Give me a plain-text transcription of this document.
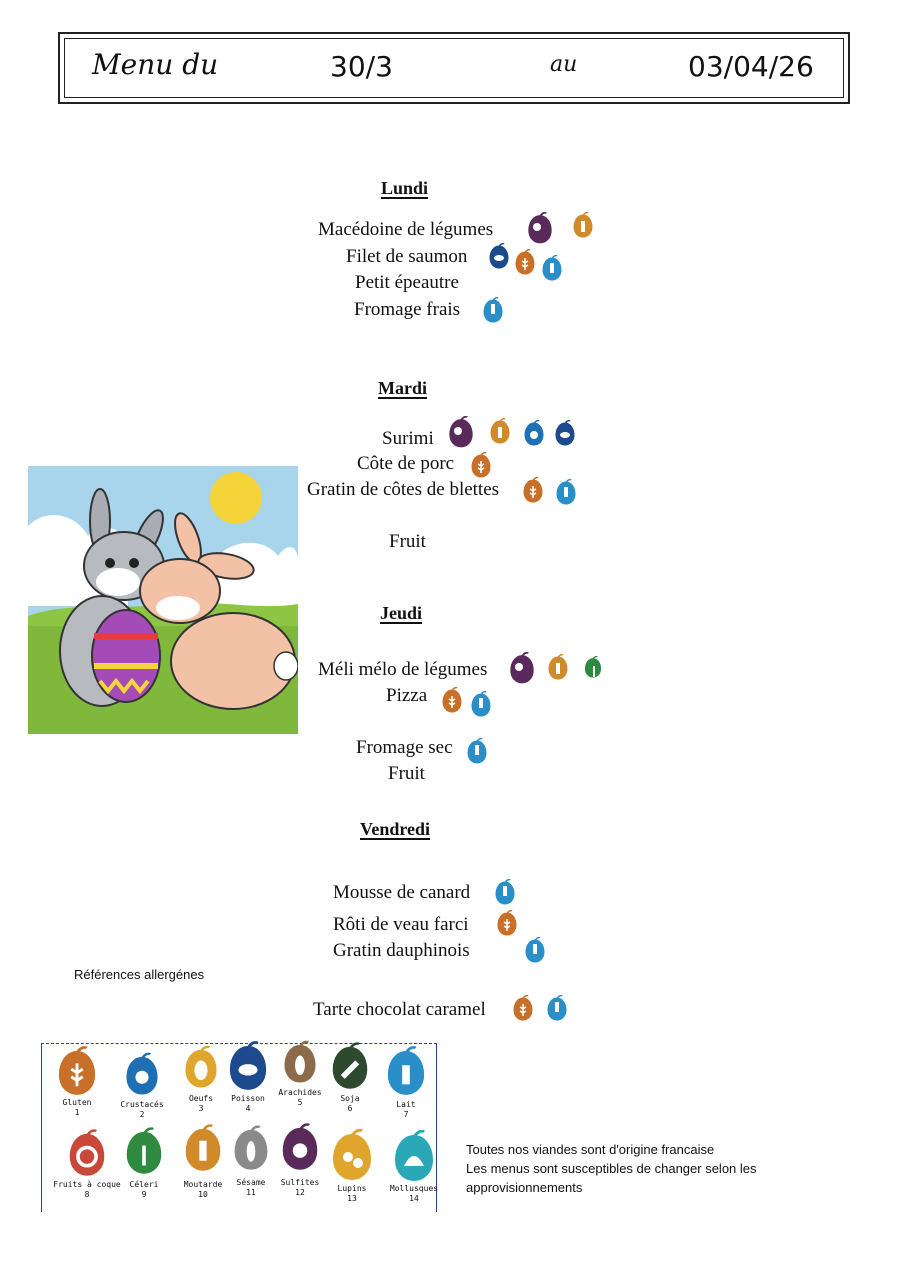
Menu du	30/3	au	03/04/26
Lundi
Macédoine de légumes
Filet de saumon
Petit épeautre
Fromage frais
Mardi
Surimi
Côte de porc
Gratin de côtes de blettes
Fruit
Jeudi
Méli mélo de légumes
Pizza
Fromage sec
Fruit
Vendredi
Mousse de canard
Rôti de veau farci
Gratin dauphinois
Tarte chocolat caramel
Références allergénes
Gluten
1
Crustacés
2
Oeufs
3
Poisson
4
Arachides
5	Soja
6	Lait
7
Fruits à coque
8
Céleri
9
Moutarde
10
Sésame
11
Sulfites
12	Lupins
13
Mollusques
14
Toutes nos viandes sont d'origine francaise
Les menus sont susceptibles de changer selon les
approvisionnements
